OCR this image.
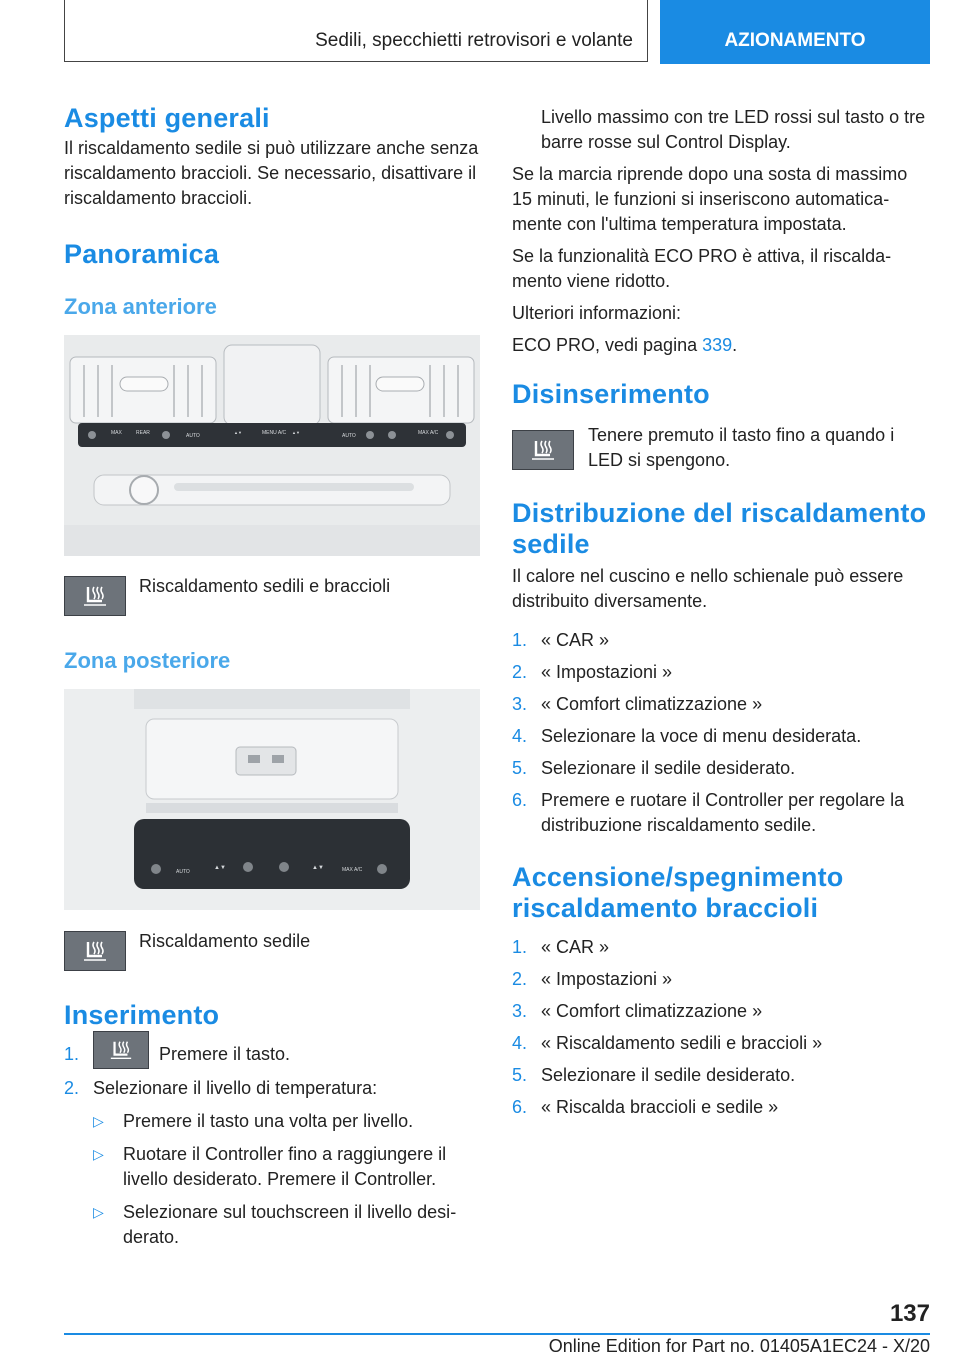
Sedili, specchietti retrovisori e volante	AZIONAMENTO
Aspetti generali

Il riscaldamento sedile si può utilizzare anche senza riscaldamento braccioli. Se necessario, disattivare il riscaldamento braccioli.

Panoramica
Zona anteriore
MAX	REAR	AUTO
▲▼	MENU A/C ▲▼
AUTO	MAX A/C

Riscaldamento sedili e braccioli

Zona posteriore
AUTO
▲▼	▲▼	MAX A/C

Riscaldamento sedile

Inserimento
1.	Premere il tasto.
2. Selezionare il livello di temperatura:
▷	Premere il tasto una volta per livello.
▷	Ruotare il Controller fino a raggiungere il livello desiderato. Premere il Controller.
▷	Selezionare sul touchscreen il livello desiderato.

Livello massimo con tre LED rossi sul tasto o tre barre rosse sul Control Display.

Se la marcia riprende dopo una sosta di massimo 15 minuti, le funzioni si inseriscono automaticamente con l'ultima temperatura impostata.

Se la funzionalità ECO PRO è attiva, il riscaldamento viene ridotto.

Ulteriori informazioni:

ECO PRO, vedi pagina 339.

Disinserimento

Tenere premuto il tasto fino a quando i LED si spengono.

Distribuzione del riscaldamento sedile

Il calore nel cuscino e nello schienale può essere distribuito diversamente.

1. « CAR »
2. « Impostazioni »
3. « Comfort climatizzazione »
4. Selezionare la voce di menu desiderata.
5. Selezionare il sedile desiderato.
6. Premere e ruotare il Controller per regolare la distribuzione riscaldamento sedile.
Accensione/spegnimento riscaldamento braccioli
1. « CAR »
2. « Impostazioni »
3. « Comfort climatizzazione »
4. « Riscaldamento sedili e braccioli »
5. Selezionare il sedile desiderato.
6. « Riscalda braccioli e sedile »
137
Online Edition for Part no. 01405A1EC24 - X/20
